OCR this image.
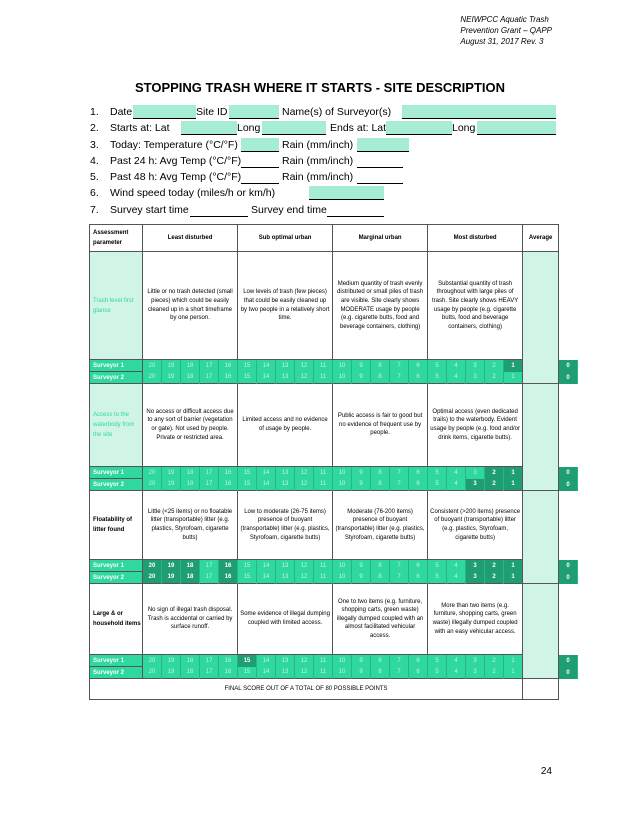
NEIWPCC Aquatic Trash
Prevention Grant – QAPP
August 31, 2017 Rev. 3
STOPPING TRASH WHERE IT STARTS - SITE DESCRIPTION
1. Date	Site ID	Name(s) of Surveyor(s)
2. Starts at: Lat	Long	Ends at: Lat	Long
3. Today: Temperature (°C/°F)	Rain (mm/inch)
4. Past 24 h: Avg Temp (°C/°F)	Rain (mm/inch)
5. Past 48 h: Avg Temp (°C/°F)	Rain (mm/inch)
6. Wind speed today (miles/h or km/h)
7. Survey start time	Survey end time
Assessment parameter	Least disturbed					Sub optimal urban					Marginal urban					Most disturbed					Average	
Trash level first glance	Little or no trash detected (small pieces) which could be easily cleaned up in a short timeframe by one person.					Low levels of trash (few pieces) that could be easily cleaned up by two people in a relatively short time.					Medium quantity of trash evenly distributed or small piles of trash are visible. Site clearly shows MODERATE usage by people (e.g. cigarette butts, food and beverage containers, clothing)					Substantial quantity of trash throughout with large piles of trash. Site clearly shows HEAVY usage by people (e.g. cigarette butts, food and beverage containers, clothing)						
Surveyor 1	20	19	18	17	16	15	14	13	12	11	10	9	8	7	6	5	4	3	2	1		0
Surveyor 2	20	19	18	17	16	15	14	13	12	11	10	9	8	7	6	5	4	3	2	1		0
Access to the waterbody from the site	No access or difficult access due to any sort of barrier (vegetation or gate). Not used by people. Private or restricted area.					Limited access and no evidence of usage by people.					Public access is fair to good but no evidence of frequent use by people.					Optimal access (even dedicated trails) to the waterbody. Evident usage by people (e.g. food and/or drink items, cigarette butts).						
Surveyor 1	20	19	18	17	16	15	14	13	12	11	10	9	8	7	6	5	4	3	2	1		0
Surveyor 2	20	19	18	17	16	15	14	13	12	11	10	9	8	7	6	5	4	3	2	1		0
Floatability of litter found	Little (<25 items) or no floatable litter (transportable) litter (e.g. plastics, Styrofoam, cigarette butts)					Low to moderate (26-75 items) presence of buoyant (transportable) litter (e.g. plastics, Styrofoam, cigarette butts)					Moderate (76-200 items) presence of buoyant (transportable) litter (e.g. plastics, Styrofoam, cigarette butts)					Consistent (>200 items) presence of buoyant (transportable) litter (e.g. plastics, Styrofoam, cigarette butts)						
Surveyor 1	20	19	18	17	16	15	14	13	12	11	10	9	8	7	6	5	4	3	2	1		0
Surveyor 2	20	19	18	17	16	15	14	13	12	11	10	9	8	7	6	5	4	3	2	1		0
Large & or household items	No sign of illegal trash disposal. Trash is accidental or carried by surface runoff.					Some evidence of illegal dumping coupled with limited access.					One to two items (e.g. furniture, shopping carts, green waste) illegally dumped coupled with an almost facilitated vehicular access.					More than two items (e.g. furniture, shopping carts, green waste) illegally dumped coupled with an easy vehicular access.						
Surveyor 1	20	19	18	17	16	15	14	13	12	11	10	9	8	7	6	5	4	3	2	1		0
Surveyor 2	20	19	18	17	16	15	14	13	12	11	10	9	8	7	6	5	4	3	2	1		0
FINAL SCORE OUT OF A TOTAL OF 80 POSSIBLE POINTS																						
24
